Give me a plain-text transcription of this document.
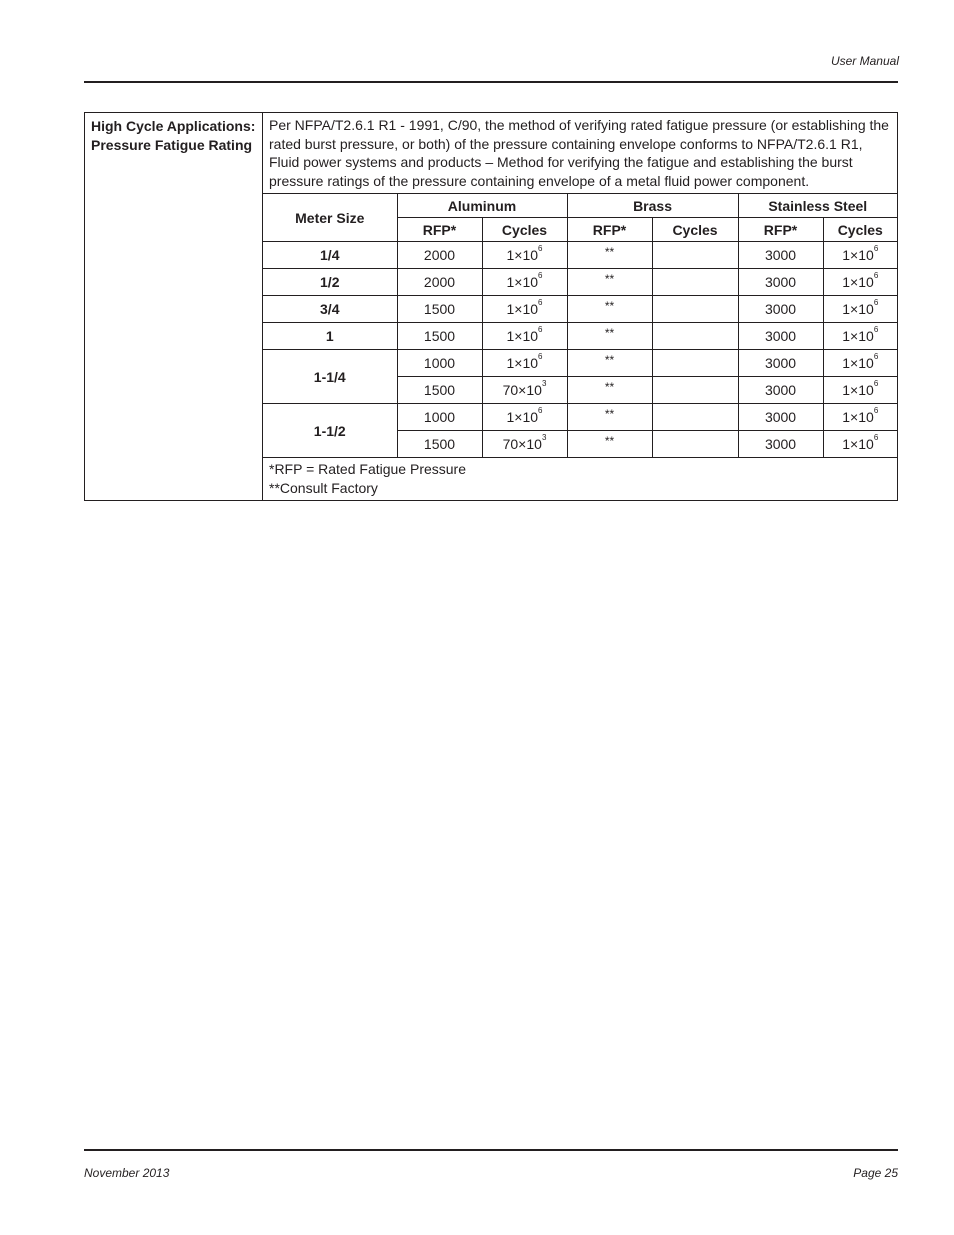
User Manual
High Cycle Applications: Pressure Fatigue Rating	
Per NFPA/T2.6.1 R1 - 1991, C/90, the method of verifying rated fatigue pressure (or establishing the rated burst pressure, or both) of the pressure containing envelope conforms to NFPA/T2.6.1 R1, Fluid power systems and products – Method for verifying the fatigue and establishing the burst pressure ratings of the pressure containing envelope of a metal fluid power component.
Meter Size	Aluminum	Brass	Stainless Steel
RFP*	Cycles	RFP*	Cycles	RFP*	Cycles
1/4	2000	$1\times 10^6$	**		3000	$1\times 10^6$
1/2	2000	$1\times 10^6$	**		3000	$1\times 10^6$
3/4	1500	$1\times 10^6$	**		3000	$1\times 10^6$
1	1500	$1\times 10^6$	**		3000	$1\times 10^6$
1-1/4	1000	$1\times 10^6$	**		3000	$1\times 10^6$
1500	$70\times 10^3$	**		3000	$1\times 10^6$
1-1/2	1000	$1\times 10^6$	**		3000	$1\times 10^6$
1500	$70\times 10^3$	**		3000	$1\times 10^6$
*RFP = Rated Fatigue Pressure
**Consult Factory
November 2013	Page 25
